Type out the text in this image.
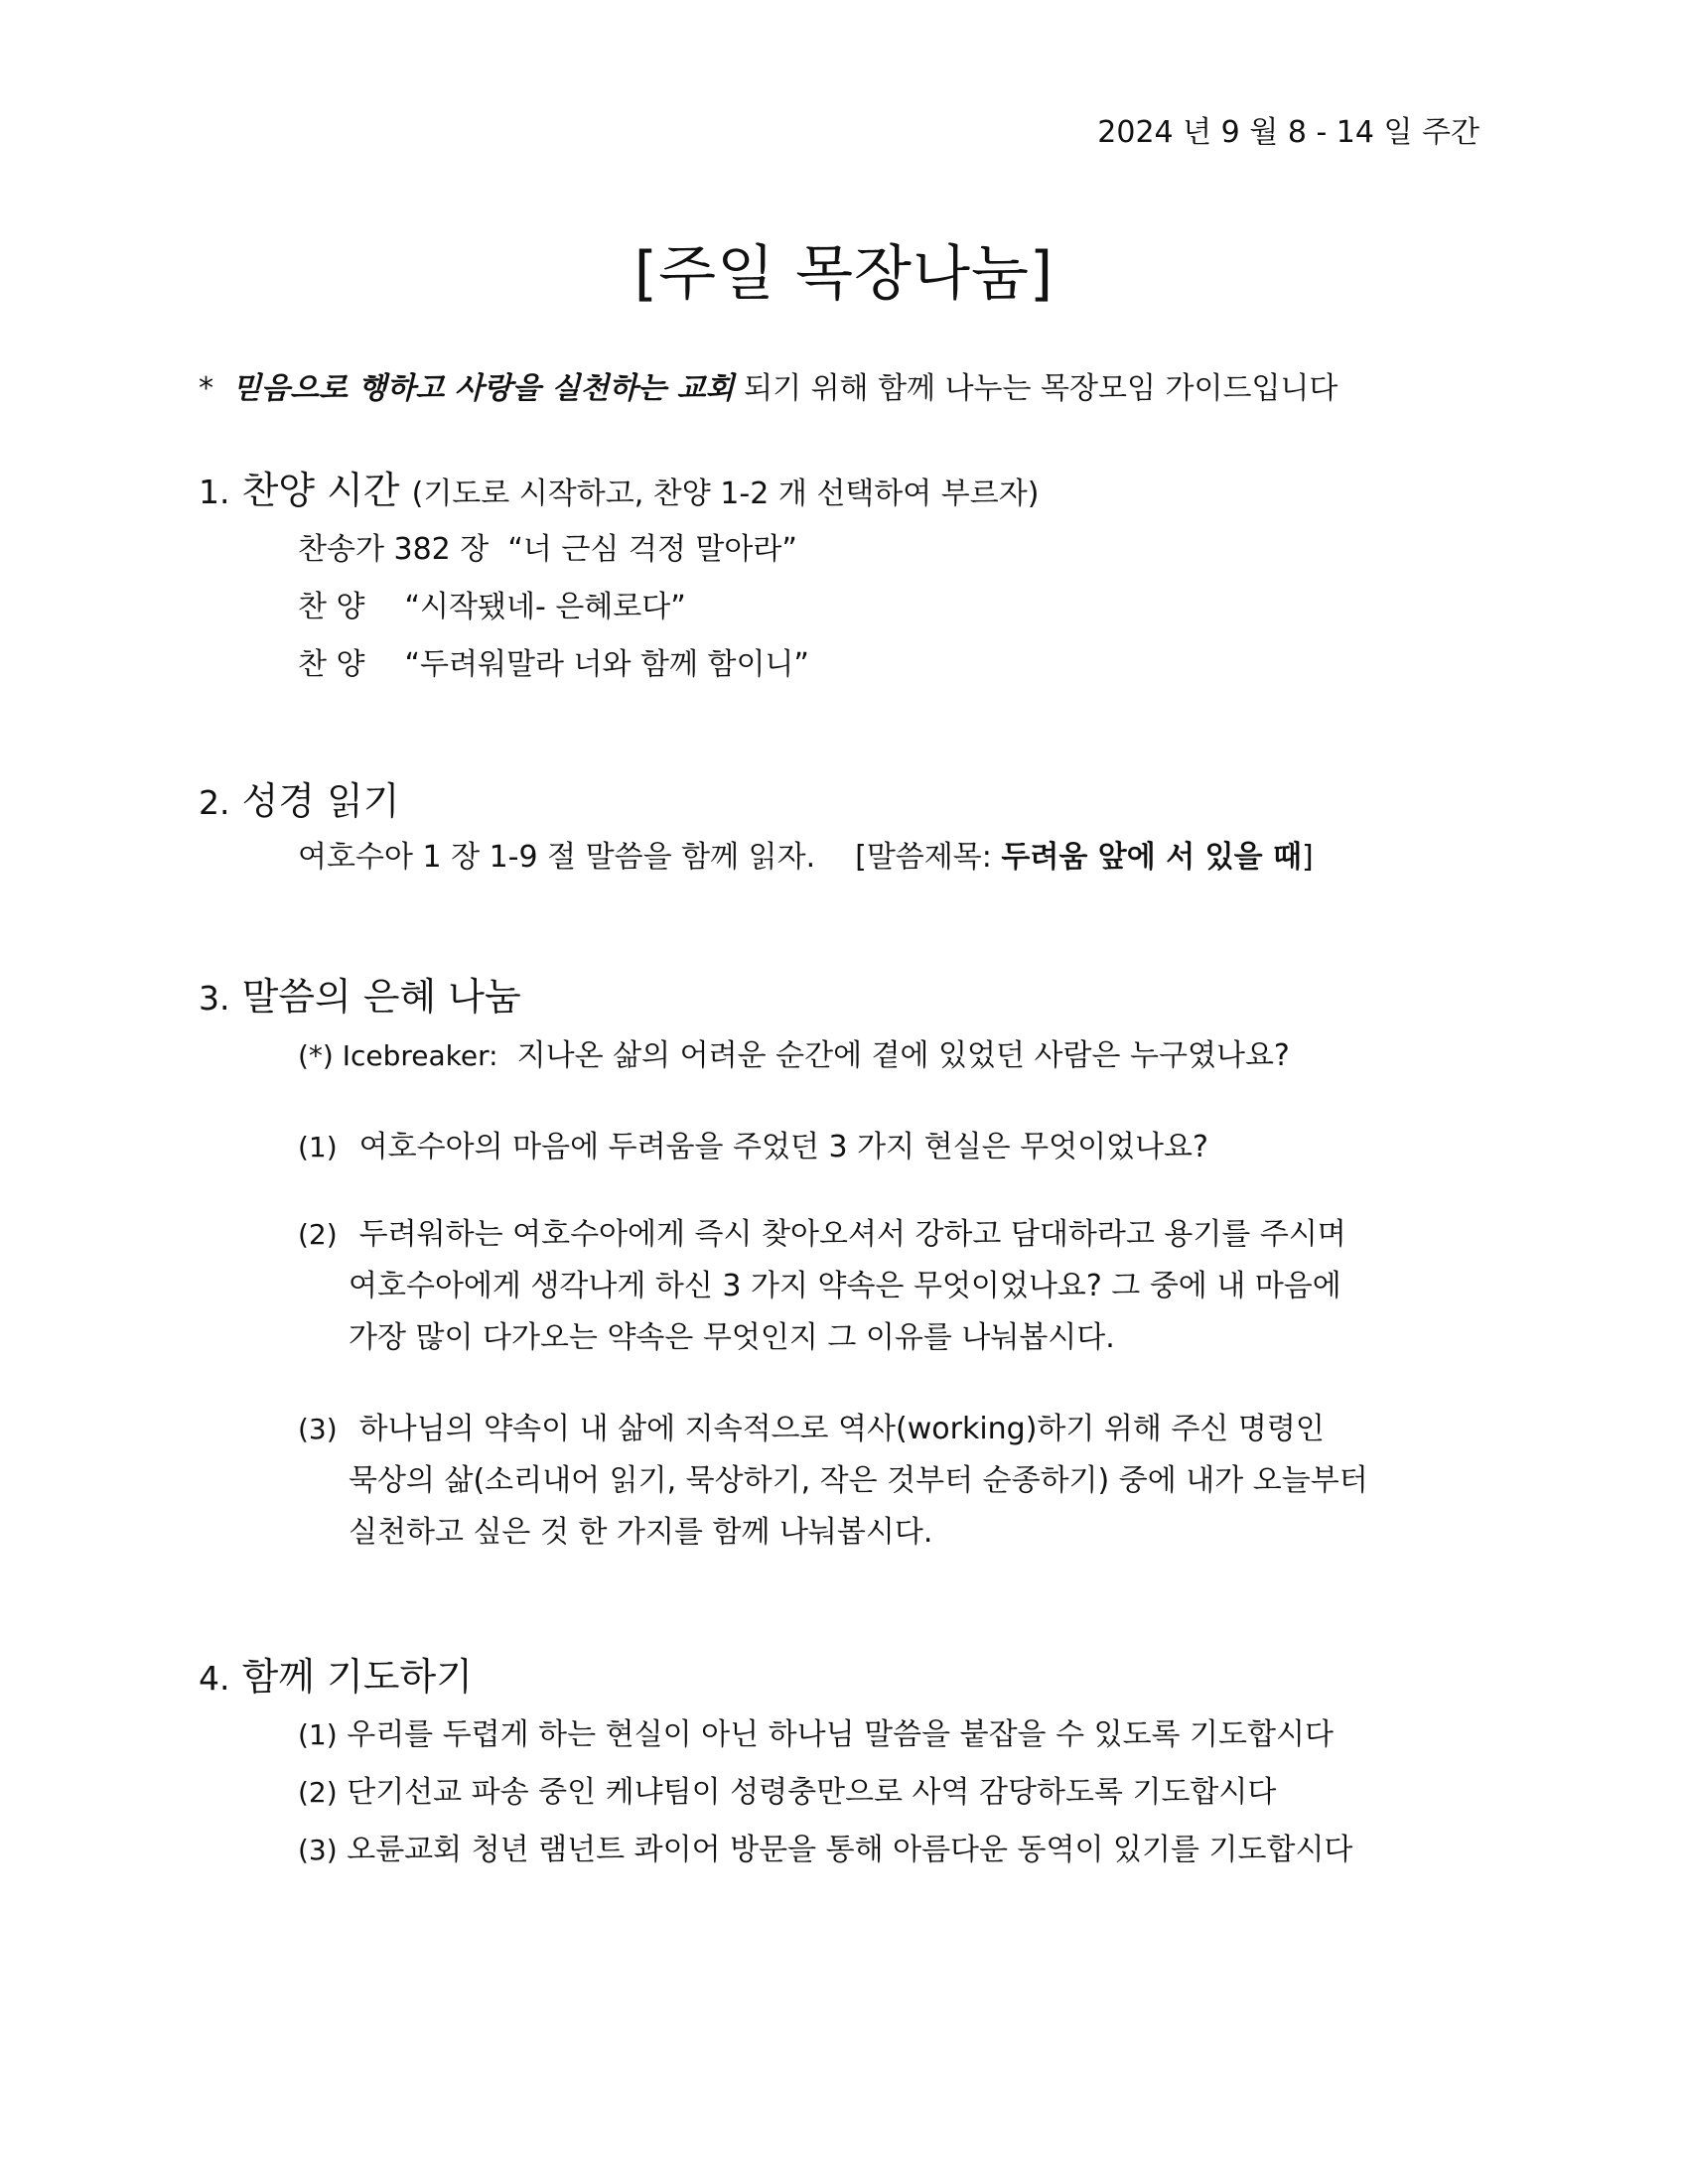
2024 년 9 월 8 - 14 일 주간
[주일 목장나눔]
* 믿음으로 행하고 사랑을 실천하는 교회 되기 위해 함께 나누는 목장모임 가이드입니다
1. 찬양 시간 (기도로 시작하고, 찬양 1-2 개 선택하여 부르자)
찬송가 382 장 “너 근심 걱정 말아라”
찬 양 “시작됐네- 은혜로다”
찬 양 “두려워말라 너와 함께 함이니”
2. 성경 읽기
여호수아 1 장 1-9 절 말씀을 함께 읽자. [말씀제목: 두려움 앞에 서 있을 때]
3. 말씀의 은혜 나눔
(*) Icebreaker: 지나온 삶의 어려운 순간에 곁에 있었던 사람은 누구였나요?
(1) 여호수아의 마음에 두려움을 주었던 3 가지 현실은 무엇이었나요?
(2) 두려워하는 여호수아에게 즉시 찾아오셔서 강하고 담대하라고 용기를 주시며
여호수아에게 생각나게 하신 3 가지 약속은 무엇이었나요? 그 중에 내 마음에
가장 많이 다가오는 약속은 무엇인지 그 이유를 나눠봅시다.
(3) 하나님의 약속이 내 삶에 지속적으로 역사(working)하기 위해 주신 명령인
묵상의 삶(소리내어 읽기, 묵상하기, 작은 것부터 순종하기) 중에 내가 오늘부터
실천하고 싶은 것 한 가지를 함께 나눠봅시다.
4. 함께 기도하기
(1) 우리를 두렵게 하는 현실이 아닌 하나님 말씀을 붙잡을 수 있도록 기도합시다
(2) 단기선교 파송 중인 케냐팀이 성령충만으로 사역 감당하도록 기도합시다
(3) 오륜교회 청년 램넌트 콰이어 방문을 통해 아름다운 동역이 있기를 기도합시다
